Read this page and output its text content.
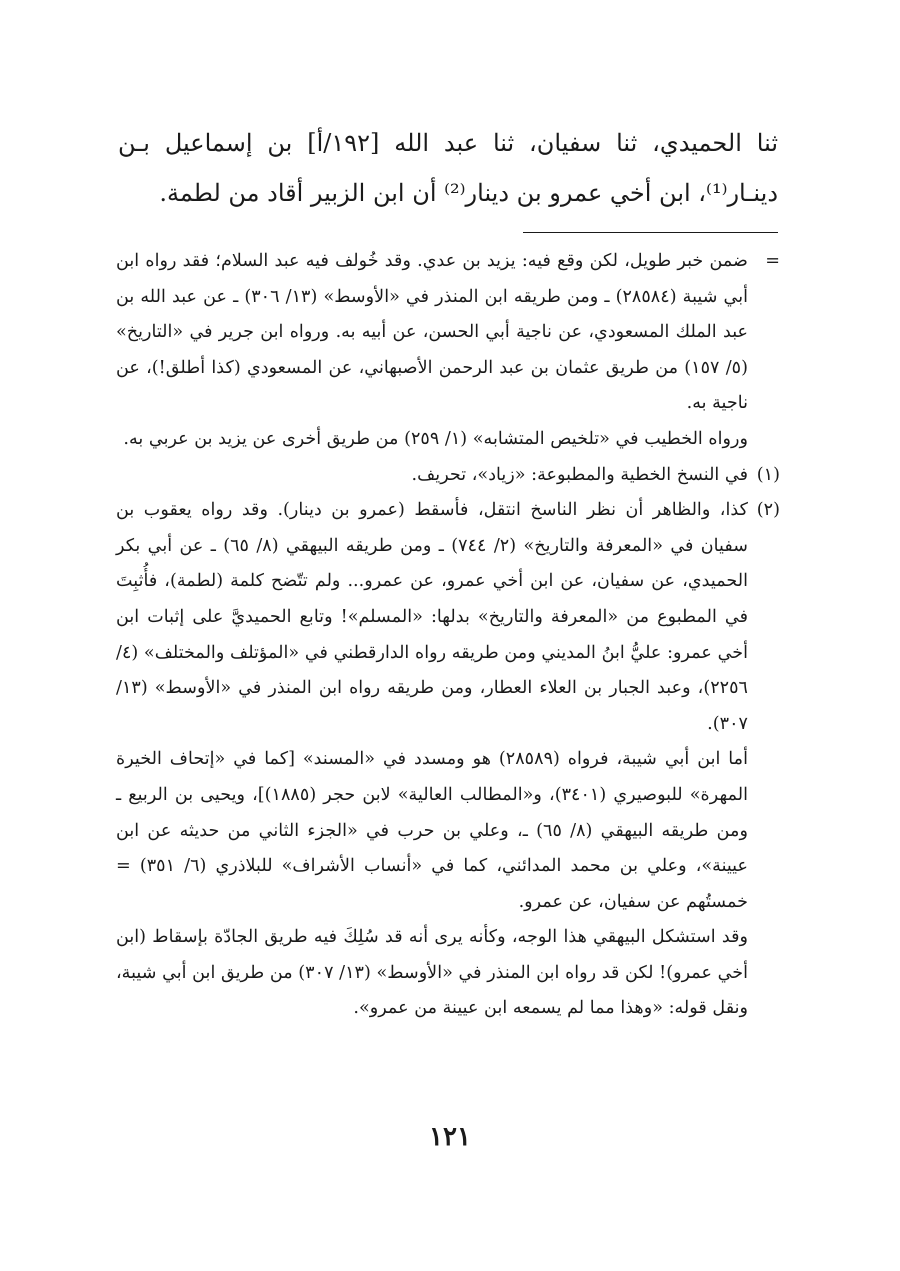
ثنا الحميدي، ثنا سفيان، ثنا عبد الله [١٩٢/أ] بن إسماعيل بـن دينـار⁽¹⁾، ابن أخي عمرو بن دينار⁽²⁾ أن ابن الزبير أقاد من لطمة.

=

ضمن خبر طويل، لكن وقع فيه: يزيد بن عدي. وقد خُولف فيه عبد السلام؛ فقد رواه ابن أبي شيبة (٢٨٥٨٤) ـ ومن طريقه ابن المنذر في «الأوسط» (١٣/ ٣٠٦) ـ عن عبد الله بن عبد الملك المسعودي، عن ناجية أبي الحسن، عن أبيه به. ورواه ابن جرير في «التاريخ» (٥/ ١٥٧) من طريق عثمان بن عبد الرحمن الأصبهاني، عن المسعودي (كذا أطلق!)، عن ناجية به.

ورواه الخطيب في «تلخيص المتشابه» (١/ ٢٥٩) من طريق أخرى عن يزيد بن عربي به.

(١)

في النسخ الخطية والمطبوعة: «زياد»، تحريف.

(٢)

كذا، والظاهر أن نظر الناسخ انتقل، فأسقط (عمرو بن دينار). وقد رواه يعقوب بن سفيان في «المعرفة والتاريخ» (٢/ ٧٤٤) ـ ومن طريقه البيهقي (٨/ ٦٥) ـ عن أبي بكر الحميدي، عن سفيان، عن ابن أخي عمرو، عن عمرو... ولم تتّضح كلمة (لطمة)، فأُثبِتَ في المطبوع من «المعرفة والتاريخ» بدلها: «المسلم»! وتابع الحميديَّ على إثبات ابن أخي عمرو: عليُّ ابنُ المديني ومن طريقه رواه الدارقطني في «المؤتلف والمختلف» (٤/ ٢٢٥٦)، وعبد الجبار بن العلاء العطار، ومن طريقه رواه ابن المنذر في «الأوسط» (١٣/ ٣٠٧).

أما ابن أبي شيبة، فرواه (٢٨٥٨٩) هو ومسدد في «المسند» [كما في «إتحاف الخيرة المهرة» للبوصيري (٣٤٠١)، و«المطالب العالية» لابن حجر (١٨٨٥)]، ويحيى بن الربيع ـ ومن طريقه البيهقي (٨/ ٦٥) ـ، وعلي بن حرب في «الجزء الثاني من حديثه عن ابن عيينة»، وعلي بن محمد المدائني، كما في «أنساب الأشراف» للبلاذري (٦/ ٣٥١) = خمستُهم عن سفيان، عن عمرو.

وقد استشكل البيهقي هذا الوجه، وكأنه يرى أنه قد سُلِكَ فيه طريق الجادّة بإسقاط (ابن أخي عمرو)! لكن قد رواه ابن المنذر في «الأوسط» (١٣/ ٣٠٧) من طريق ابن أبي شيبة، ونقل قوله: «وهذا مما لم يسمعه ابن عيينة من عمرو».

١٢١
